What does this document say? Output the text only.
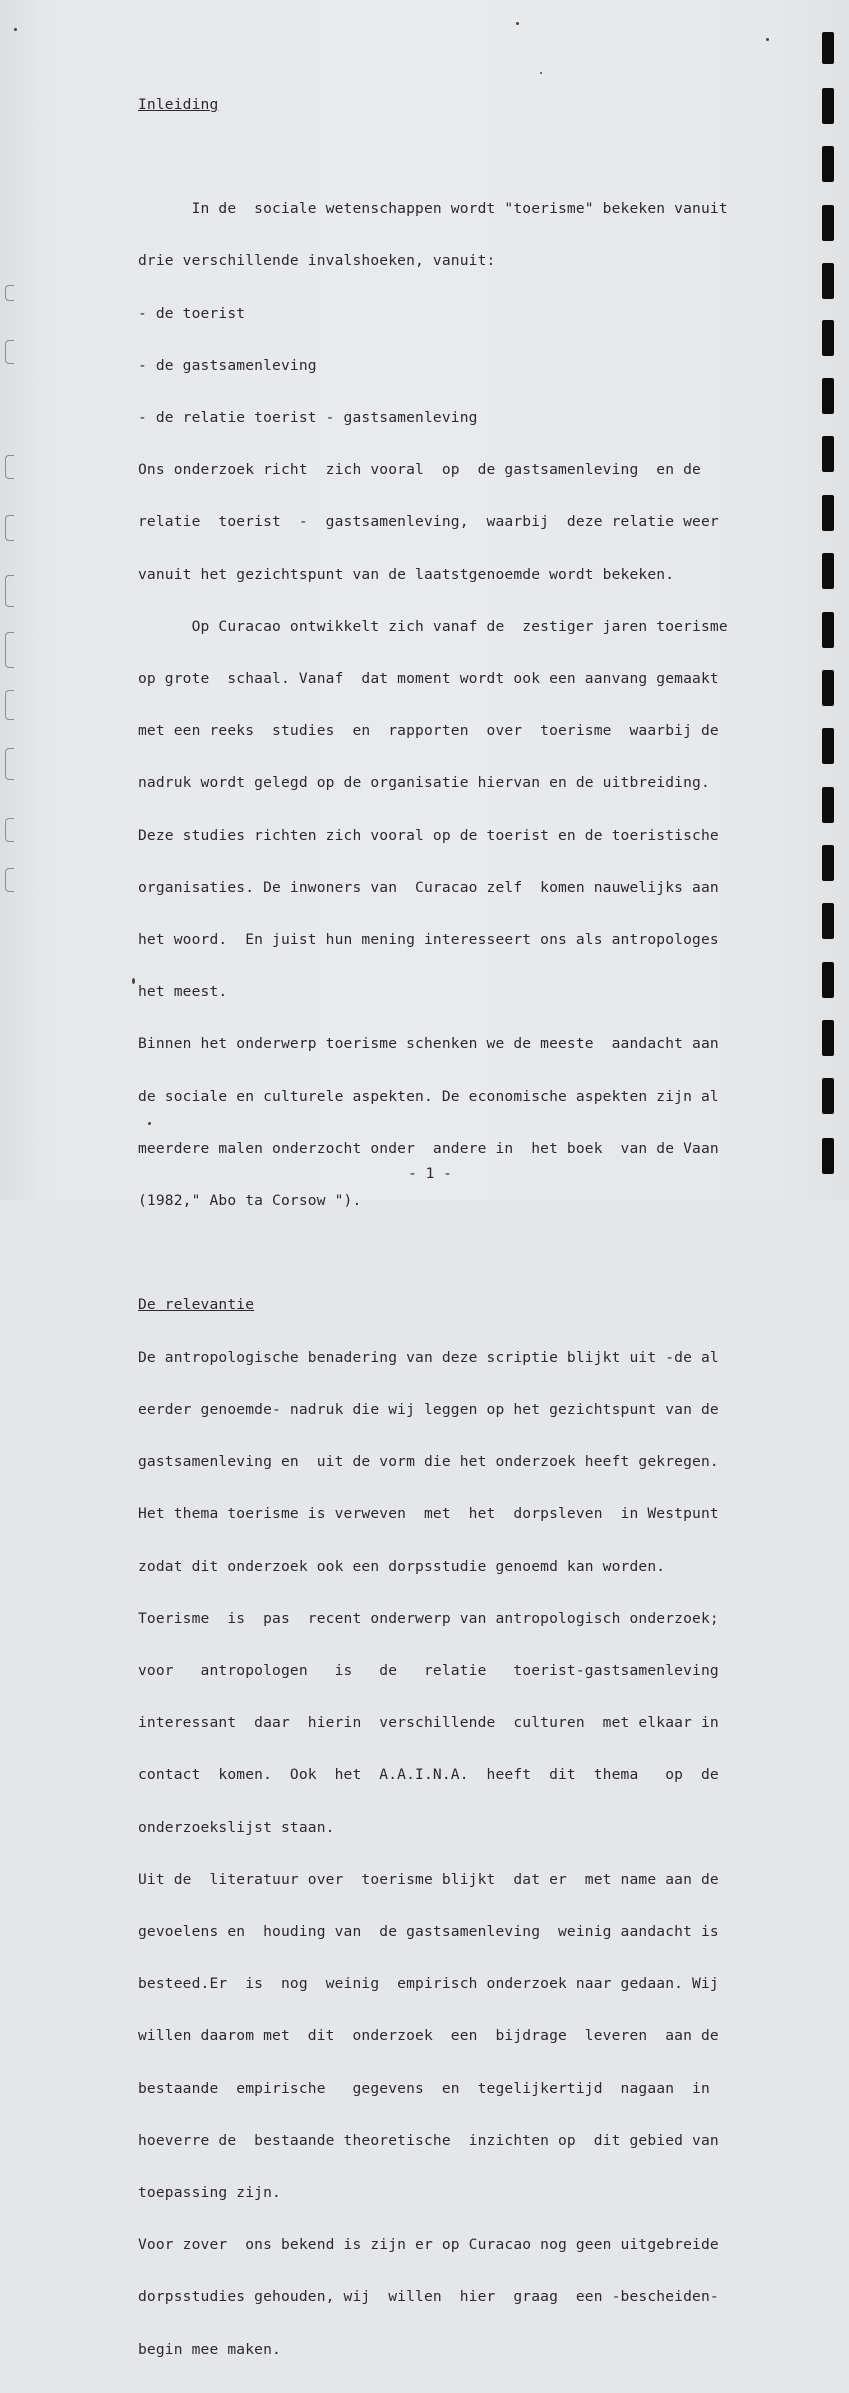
Inleiding

In de  sociale wetenschappen wordt "toerisme" bekeken vanuit

drie verschillende invalshoeken, vanuit:

- de toerist

- de gastsamenleving

- de relatie toerist - gastsamenleving

Ons onderzoek richt  zich vooral  op  de gastsamenleving  en de

relatie  toerist  -  gastsamenleving,  waarbij  deze relatie weer

vanuit het gezichtspunt van de laatstgenoemde wordt bekeken.

Op Curacao ontwikkelt zich vanaf de  zestiger jaren toerisme

op grote  schaal. Vanaf  dat moment wordt ook een aanvang gemaakt

met een reeks  studies  en  rapporten  over  toerisme  waarbij de

nadruk wordt gelegd op de organisatie hiervan en de uitbreiding.

Deze studies richten zich vooral op de toerist en de toeristische

organisaties. De inwoners van  Curacao zelf  komen nauwelijks aan

het woord.  En juist hun mening interesseert ons als antropologes

het meest.

Binnen het onderwerp toerisme schenken we de meeste  aandacht aan

de sociale en culturele aspekten. De economische aspekten zijn al

meerdere malen onderzocht onder  andere in  het boek  van de Vaan

(1982," Abo ta Corsow ").

De relevantie

De antropologische benadering van deze scriptie blijkt uit -de al

eerder genoemde- nadruk die wij leggen op het gezichtspunt van de

gastsamenleving en  uit de vorm die het onderzoek heeft gekregen.

Het thema toerisme is verweven  met  het  dorpsleven  in Westpunt

zodat dit onderzoek ook een dorpsstudie genoemd kan worden.

Toerisme  is  pas  recent onderwerp van antropologisch onderzoek;

voor   antropologen   is   de   relatie   toerist-gastsamenleving

interessant  daar  hierin  verschillende  culturen  met elkaar in

contact  komen.  Ook  het  A.A.I.N.A.  heeft  dit  thema   op  de

onderzoekslijst staan.

Uit de  literatuur over  toerisme blijkt  dat er  met name aan de

gevoelens en  houding van  de gastsamenleving  weinig aandacht is

besteed.Er  is  nog  weinig  empirisch onderzoek naar gedaan. Wij

willen daarom met  dit  onderzoek  een  bijdrage  leveren  aan de

bestaande  empirische   gegevens  en  tegelijkertijd  nagaan  in

hoeverre de  bestaande theoretische  inzichten op  dit gebied van

toepassing zijn.

Voor zover  ons bekend is zijn er op Curacao nog geen uitgebreide

dorpsstudies gehouden, wij  willen  hier  graag  een -bescheiden-

begin mee maken.

- 1 -
